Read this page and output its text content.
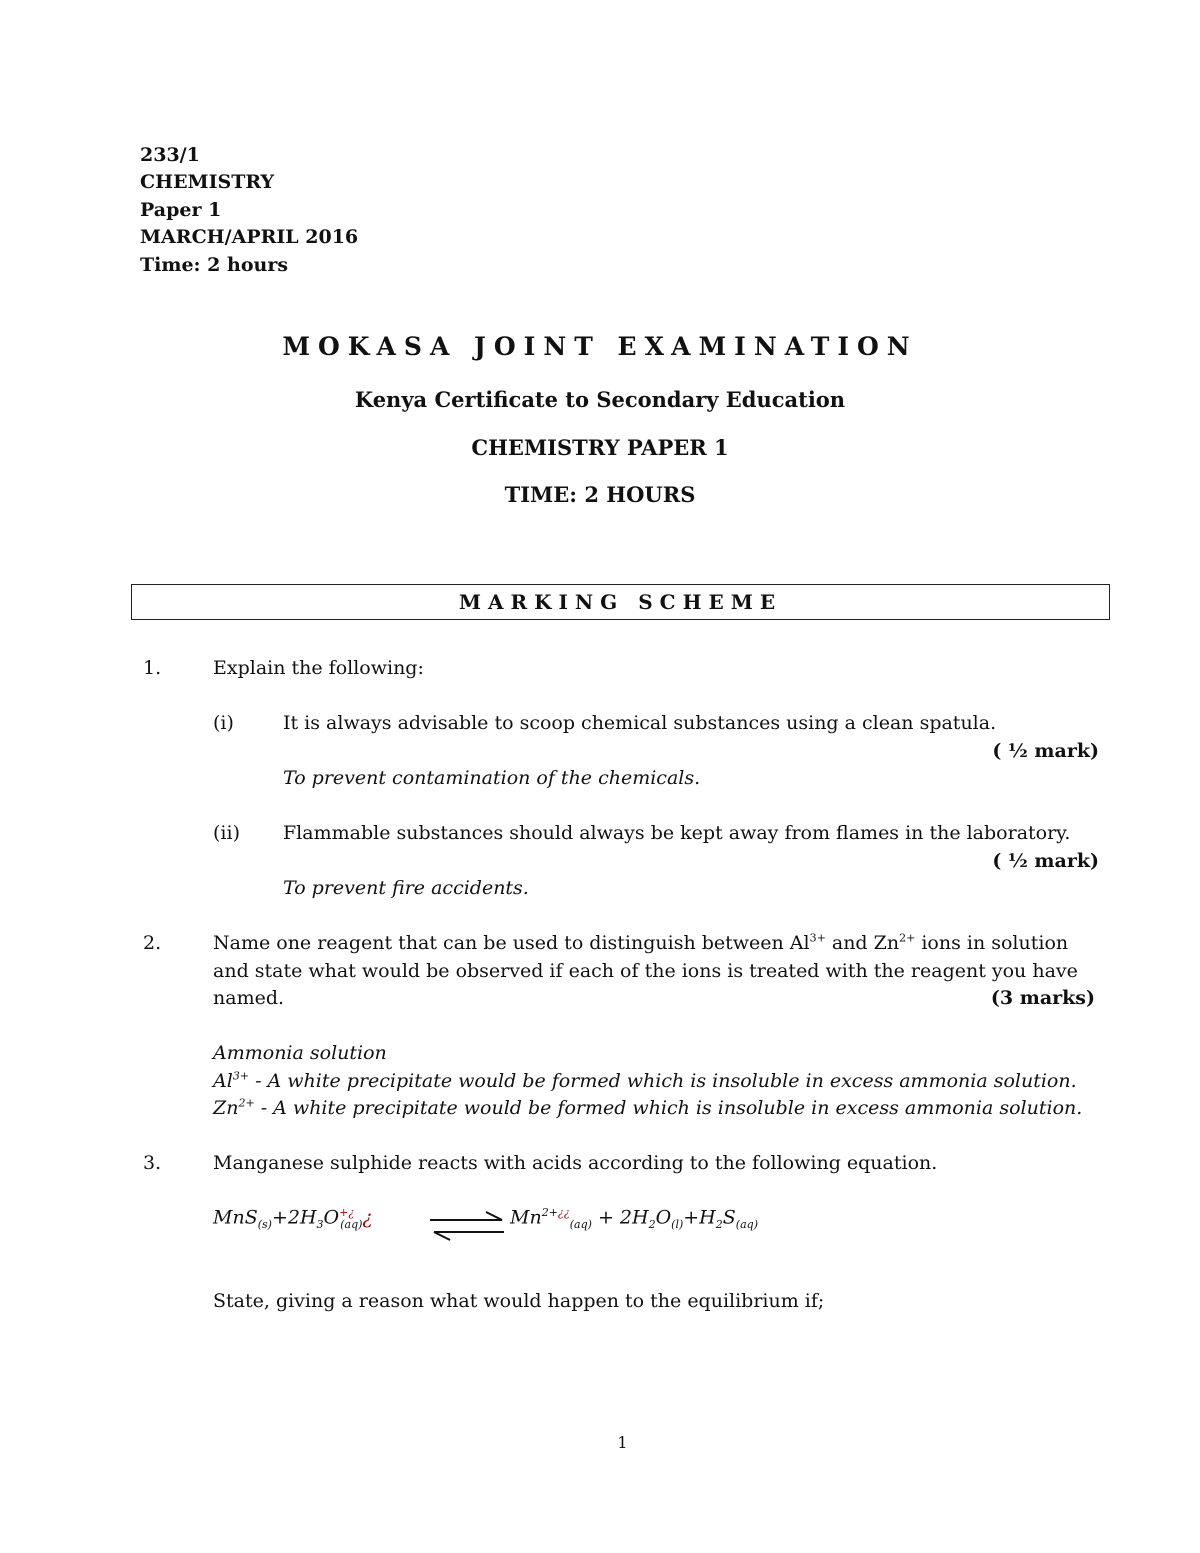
233/1
CHEMISTRY
Paper 1
MARCH/APRIL 2016
Time: 2 hours
MOKASA JOINT EXAMINATION
Kenya Certificate to Secondary Education
CHEMISTRY PAPER 1
TIME: 2 HOURS
MARKING SCHEME
1.	Explain the following:
(i)	It is always advisable to scoop chemical substances using a clean spatula.
( ½ mark)
To prevent contamination of the chemicals.
(ii) Flammable substances should always be kept away from flames in the laboratory.
( ½ mark)
To prevent fire accidents.
2.	Name one reagent that can be used to distinguish between $Al^{3+}$ and $Zn^{2+}$ ions in solution
and state what would be observed if each of the ions is treated with the reagent you have
named.	(3 marks)
Ammonia solution
$Al^{3+}$ - A white precipitate would be formed which is insoluble in excess ammonia solution.
$Zn^{2+}$ - A white precipitate would be formed which is insoluble in excess ammonia solution.
3.	Manganese sulphide reacts with acids according to the following equation.
$MnS_{(s)}+2H_3O^{+¿}_{(aq)}¿$	$Mn^{2+¿¿}_{(aq)} + 2H_2O_{(l)}+H_2S_{(aq)}$
State, giving a reason what would happen to the equilibrium if;
1
